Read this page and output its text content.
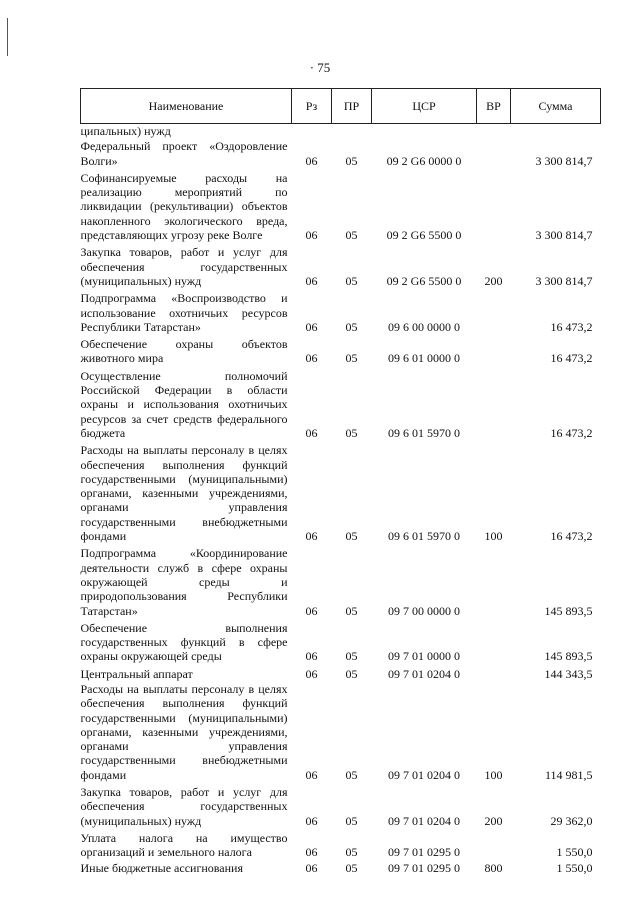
· 75
Наименование	Рз	ПР	ЦСР	ВР	Сумма
ципальных) нужд					
Федеральный проект «Оздоровление Волги»	06	05	09 2 G6 0000 0		3 300 814,7
Софинансируемые расходы на реализацию мероприятий по ликвидации (рекультивации) объектов накопленного экологического вреда, представляющих угрозу реке Волге	06	05	09 2 G6 5500 0		3 300 814,7
Закупка товаров, работ и услуг для обеспечения государственных (муниципальных) нужд	06	05	09 2 G6 5500 0	200	3 300 814,7
Подпрограмма «Воспроизводство и использование охотничьих ресурсов Республики Татарстан»	06	05	09 6 00 0000 0		16 473,2
Обеспечение охраны объектов животного мира	06	05	09 6 01 0000 0		16 473,2
Осуществление полномочий Российской Федерации в области охраны и использования охотничьих ресурсов за счет средств федерального бюджета	06	05	09 6 01 5970 0		16 473,2
Расходы на выплаты персоналу в целях обеспечения выполнения функций государственными (муниципальными) органами, казенными учреждениями, органами управления государственными внебюджетными фондами	06	05	09 6 01 5970 0	100	16 473,2
Подпрограмма «Координирование деятельности служб в сфере охраны окружающей среды и природопользования Республики Татарстан»	06	05	09 7 00 0000 0		145 893,5
Обеспечение выполнения государственных функций в сфере охраны окружающей среды	06	05	09 7 01 0000 0		145 893,5
Центральный аппарат	06	05	09 7 01 0204 0		144 343,5
Расходы на выплаты персоналу в целях обеспечения выполнения функций государственными (муниципальными) органами, казенными учреждениями, органами управления государственными внебюджетными фондами	06	05	09 7 01 0204 0	100	114 981,5
Закупка товаров, работ и услуг для обеспечения государственных (муниципальных) нужд	06	05	09 7 01 0204 0	200	29 362,0
Уплата налога на имущество организаций и земельного налога	06	05	09 7 01 0295 0		1 550,0
Иные бюджетные ассигнования	06	05	09 7 01 0295 0	800	1 550,0
